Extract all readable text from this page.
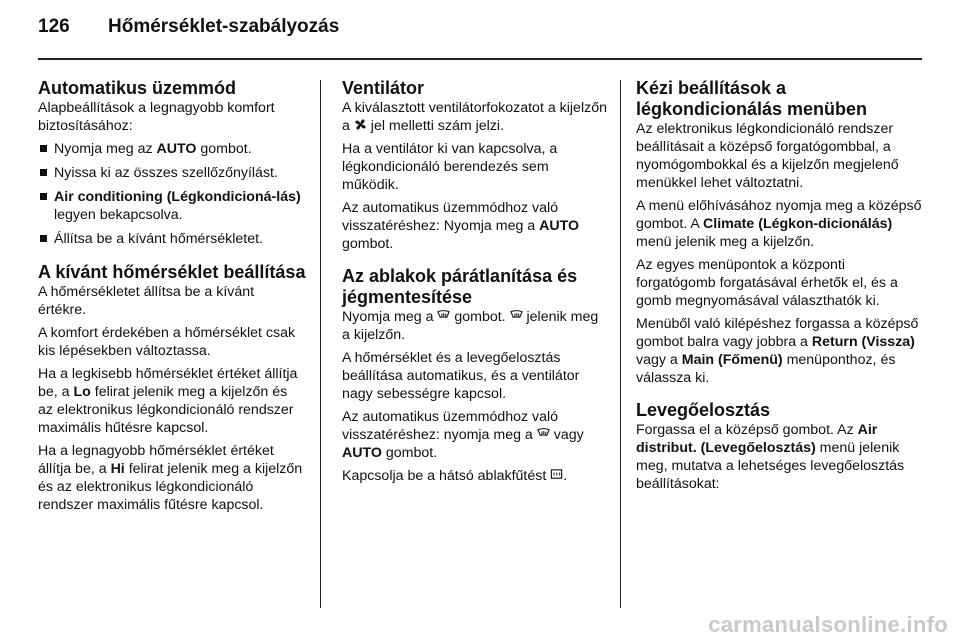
126 Hőmérséklet-szabályozás
Automatikus üzemmód

Alapbeállítások a legnagyobb komfort biztosításához:

Nyomja meg az AUTO gombot.
Nyissa ki az összes szellőzőnyílást.
Air conditioning (Légkondicioná-lás) legyen bekapcsolva.
Állítsa be a kívánt hőmérsékletet.
A kívánt hőmérséklet beállítása

A hőmérsékletet állítsa be a kívánt értékre.

A komfort érdekében a hőmérséklet csak kis lépésekben változtassa.

Ha a legkisebb hőmérséklet értéket állítja be, a Lo felirat jelenik meg a kijelzőn és az elektronikus légkondicionáló rendszer maximális hűtésre kapcsol.

Ha a legnagyobb hőmérséklet értéket állítja be, a Hi felirat jelenik meg a kijelzőn és az elektronikus légkondicionáló rendszer maximális fűtésre kapcsol.

Ventilátor

A kiválasztott ventilátorfokozatot a kijelzőn a  jel melletti szám jelzi.

Ha a ventilátor ki van kapcsolva, a légkondicionáló berendezés sem működik.

Az automatikus üzemmódhoz való visszatéréshez: Nyomja meg a AUTO gombot.

Az ablakok párátlanítása és jégmentesítése

Nyomja meg a  gombot.  jelenik meg a kijelzőn.

A hőmérséklet és a levegőelosztás beállítása automatikus, és a ventilátor nagy sebességre kapcsol.

Az automatikus üzemmódhoz való visszatéréshez: nyomja meg a  vagy AUTO gombot.

Kapcsolja be a hátsó ablakfűtést .

Kézi beállítások a légkondicionálás menüben

Az elektronikus légkondicionáló rendszer beállításait a középső forgatógombbal, a nyomógombokkal és a kijelzőn megjelenő menükkel lehet változtatni.

A menü előhívásához nyomja meg a középső gombot. A Climate (Légkon-dicionálás) menü jelenik meg a kijelzőn.

Az egyes menüpontok a központi forgatógomb forgatásával érhetők el, és a gomb megnyomásával választhatók ki.

Menüből való kilépéshez forgassa a középső gombot balra vagy jobbra a Return (Vissza) vagy a Main (Főmenü) menüponthoz, és válassza ki.

Levegőelosztás

Forgassa el a középső gombot. Az Air distribut. (Levegőelosztás) menü jelenik meg, mutatva a lehetséges levegőelosztás beállításokat:

carmanualsonline.info
